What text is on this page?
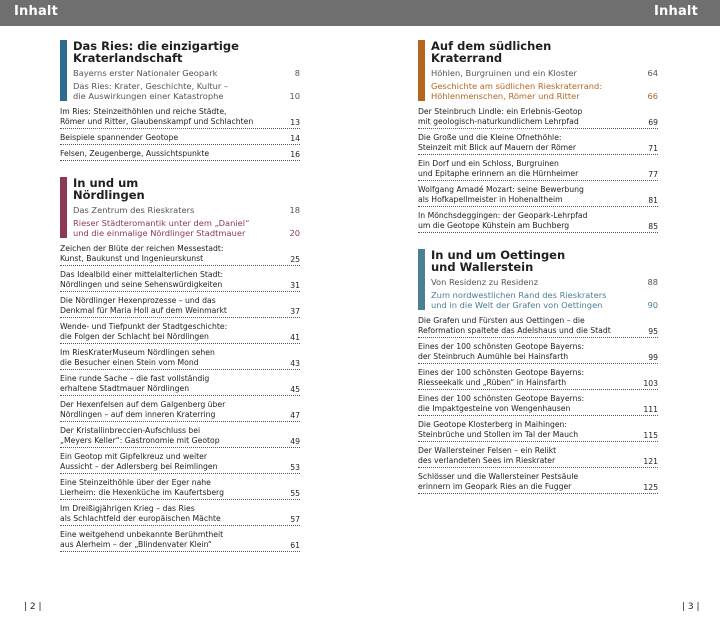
Inhalt	Inhalt
Das Ries: die einzigartige
Kraterlandschaft
Bayerns erster Nationaler Geopark	8
Das Ries: Krater, Geschichte, Kultur –
die Auswirkungen einer Katastrophe	10
Im Ries: Steinzeithöhlen und reiche Städte,
Römer und Ritter, Glaubenskampf und Schlachten	13
Beispiele spannender Geotope	14
Felsen, Zeugenberge, Aussichtspunkte	16
In und um
Nördlingen
Das Zentrum des Rieskraters	18
Rieser Städteromantik unter dem „Daniel“
und die einmalige Nördlinger Stadtmauer	20
Zeichen der Blüte der reichen Messestadt:
Kunst, Baukunst und Ingenieurskunst	25
Das Idealbild einer mittelalterlichen Stadt:
Nördlingen und seine Sehenswürdigkeiten	31
Die Nördlinger Hexenprozesse – und das
Denkmal für Maria Holl auf dem Weinmarkt	37
Wende- und Tiefpunkt der Stadtgeschichte:
die Folgen der Schlacht bei Nördlingen	41
Im RiesKraterMuseum Nördlingen sehen
die Besucher einen Stein vom Mond	43
Eine runde Sache – die fast vollständig
erhaltene Stadtmauer Nördlingen	45
Der Hexenfelsen auf dem Galgenberg über
Nördlingen – auf dem inneren Kraterring	47
Der Kristallinbreccien-Aufschluss bei
„Meyers Keller“: Gastronomie mit Geotop	49
Ein Geotop mit Gipfelkreuz und weiter
Aussicht – der Adlersberg bei Reimlingen	53
Eine Steinzeithöhle über der Eger nahe
Lierheim: die Hexenküche im Kaufertsberg	55
Im Dreißigjährigen Krieg – das Ries
als Schlachtfeld der europäischen Mächte	57
Eine weitgehend unbekannte Berühmtheit
aus Alerheim – der „Blindenvater Klein“	61
Auf dem südlichen
Kraterrand
Höhlen, Burgruinen und ein Kloster	64
Geschichte am südlichen Rieskraterrand:
Höhlenmenschen, Römer und Ritter	66
Der Steinbruch Lindle: ein Erlebnis-Geotop
mit geologisch-naturkundlichem Lehrpfad	69
Die Große und die Kleine Ofnethöhle:
Steinzeit mit Blick auf Mauern der Römer	71
Ein Dorf und ein Schloss, Burgruinen
und Epitaphe erinnern an die Hürnheimer	77
Wolfgang Amadé Mozart: seine Bewerbung
als Hofkapellmeister in Hohenaltheim	81
In Mönchsdeggingen: der Geopark-Lehrpfad
um die Geotope Kühstein am Buchberg	85
In und um Oettingen
und Wallerstein
Von Residenz zu Residenz	88
Zum nordwestlichen Rand des Rieskraters
und in die Welt der Grafen von Oettingen	90
Die Grafen und Fürsten aus Oettingen – die
Reformation spaltete das Adelshaus und die Stadt	95
Eines der 100 schönsten Geotope Bayerns:
der Steinbruch Aumühle bei Hainsfarth	99
Eines der 100 schönsten Geotope Bayerns:
Riesseekalk und „Rüben“ in Hainsfarth	103
Eines der 100 schönsten Geotope Bayerns:
die Impaktgesteine von Wengenhausen	111
Die Geotope Klosterberg in Maihingen:
Steinbrüche und Stollen im Tal der Mauch	115
Der Wallersteiner Felsen – ein Relikt
des verlandeten Sees im Rieskrater	121
Schlösser und die Wallersteiner Pestsäule
erinnern im Geopark Ries an die Fugger	125
| 2 |	| 3 |
